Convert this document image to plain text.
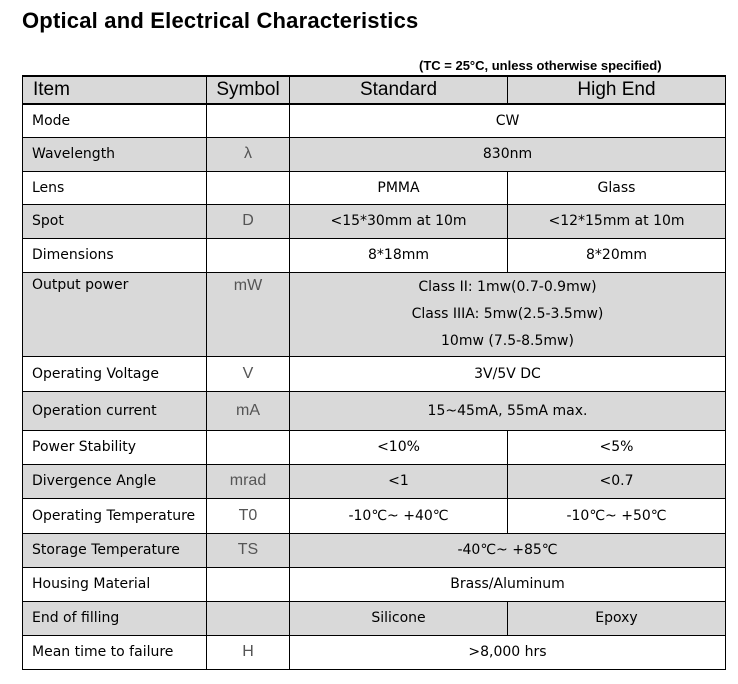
Optical and Electrical Characteristics
(TC = 25°C, unless otherwise specified)
Item	Symbol	Standard	High End
Mode		CW	
Wavelength	λ	830nm	
Lens		PMMA	Glass
Spot	D	<15*30mm at 10m	<12*15mm at 10m
Dimensions		8*18mm	8*20mm
Output power	mW	Class II: 1mw(0.7-0.9mw)
Class IIIA: 5mw(2.5-3.5mw)
10mw (7.5-8.5mw)	

Operating Voltage	V	3V/5V DC	
Operation current	mA	15~45mA, 55mA max.	
Power Stability		<10%	<5%
Divergence Angle	mrad	<1	<0.7
Operating Temperature	T0	-10℃~ +40℃	-10℃~ +50℃
Storage Temperature	TS	-40℃~ +85℃	
Housing Material		Brass/Aluminum	
End of filling		Silicone	Epoxy
Mean time to failure	H	>8,000 hrs	
